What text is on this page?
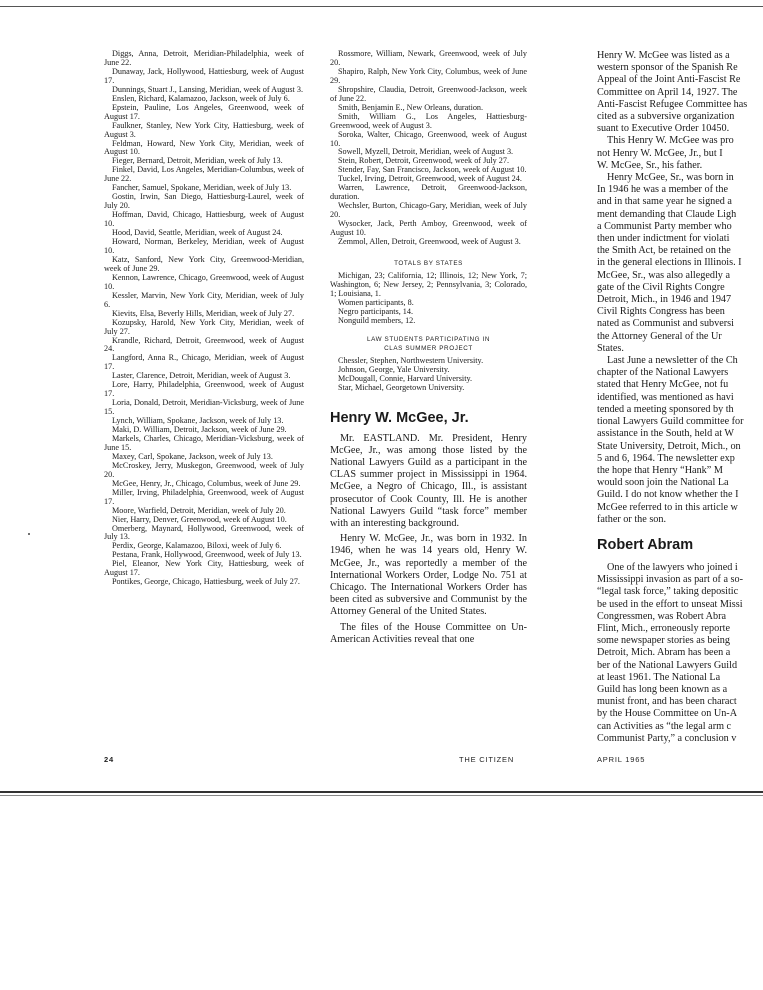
Diggs, Anna, Detroit, Meridian-Philadelphia, week of June 22.
Dunaway, Jack, Hollywood, Hattiesburg, week of August 17.
Dunnings, Stuart J., Lansing, Meridian, week of August 3.
Enslen, Richard, Kalamazoo, Jackson, week of July 6.
Epstein, Pauline, Los Angeles, Greenwood, week of August 17.
Faulkner, Stanley, New York City, Hattiesburg, week of August 3.
Feldman, Howard, New York City, Meridian, week of August 10.
Fieger, Bernard, Detroit, Meridian, week of July 13.
Finkel, David, Los Angeles, Meridian-Columbus, week of June 22.
Fancher, Samuel, Spokane, Meridian, week of July 13.
Gostin, Irwin, San Diego, Hattiesburg-Laurel, week of July 20.
Hoffman, David, Chicago, Hattiesburg, week of August 10.
Hood, David, Seattle, Meridian, week of August 24.
Howard, Norman, Berkeley, Meridian, week of August 10.
Katz, Sanford, New York City, Greenwood-Meridian, week of June 29.
Kennon, Lawrence, Chicago, Greenwood, week of August 10.
Kessler, Marvin, New York City, Meridian, week of July 6.
Kievits, Elsa, Beverly Hills, Meridian, week of July 27.
Kozupsky, Harold, New York City, Meridian, week of July 27.
Krandle, Richard, Detroit, Greenwood, week of August 24.
Langford, Anna R., Chicago, Meridian, week of August 17.
Laster, Clarence, Detroit, Meridian, week of August 3.
Lore, Harry, Philadelphia, Greenwood, week of August 17.
Loria, Donald, Detroit, Meridian-Vicksburg, week of June 15.
Lynch, William, Spokane, Jackson, week of July 13.
Maki, D. William, Detroit, Jackson, week of June 29.
Markels, Charles, Chicago, Meridian-Vicksburg, week of June 15.
Maxey, Carl, Spokane, Jackson, week of July 13.
McCroskey, Jerry, Muskegon, Greenwood, week of July 20.
McGee, Henry, Jr., Chicago, Columbus, week of June 29.
Miller, Irving, Philadelphia, Greenwood, week of August 17.
Moore, Warfield, Detroit, Meridian, week of July 20.
Nier, Harry, Denver, Greenwood, week of August 10.
Omerberg, Maynard, Hollywood, Greenwood, week of July 13.
Perdix, George, Kalamazoo, Biloxi, week of July 6.
Pestana, Frank, Hollywood, Greenwood, week of July 13.
Piel, Eleanor, New York City, Hattiesburg, week of August 17.
Pontikes, George, Chicago, Hattiesburg, week of July 27.
Rossmore, William, Newark, Greenwood, week of July 20.
Shapiro, Ralph, New York City, Columbus, week of June 29.
Shropshire, Claudia, Detroit, Greenwood-Jackson, week of June 22.
Smith, Benjamin E., New Orleans, duration.
Smith, William G., Los Angeles, Hattiesburg-Greenwood, week of August 3.
Soroka, Walter, Chicago, Greenwood, week of August 10.
Sowell, Myzell, Detroit, Meridian, week of August 3.
Stein, Robert, Detroit, Greenwood, week of July 27.
Stender, Fay, San Francisco, Jackson, week of August 10.
Tuckel, Irving, Detroit, Greenwood, week of August 24.
Warren, Lawrence, Detroit, Greenwood-Jackson, duration.
Wechsler, Burton, Chicago-Gary, Meridian, week of July 20.
Wysocker, Jack, Perth Amboy, Greenwood, week of August 10.
Zemmol, Allen, Detroit, Greenwood, week of August 3.
TOTALS BY STATES
Michigan, 23; California, 12; Illinois, 12; New York, 7; Washington, 6; New Jersey, 2; Pennsylvania, 3; Colorado, 1; Louisiana, 1.
Women participants, 8.
Negro participants, 14.
Nonguild members, 12.
LAW STUDENTS PARTICIPATING IN
CLAS SUMMER PROJECT
Chessler, Stephen, Northwestern University.
Johnson, George, Yale University.
McDougall, Connie, Harvard University.
Star, Michael, Georgetown University.
Henry W. McGee, Jr.

Mr. EASTLAND. Mr. President, Henry McGee, Jr., was among those listed by the National Lawyers Guild as a participant in the CLAS summer project in Mississippi in 1964. McGee, a Negro of Chicago, Ill., is assistant prosecutor of Cook County, Ill. He is another National Lawyers Guild “task force” member with an interesting background.

Henry W. McGee, Jr., was born in 1932. In 1946, when he was 14 years old, Henry W. McGee, Jr., was reportedly a member of the International Workers Order, Lodge No. 751 at Chicago. The International Workers Order has been cited as subversive and Communist by the Attorney General of the United States.

The files of the House Committee on Un-American Activities reveal that one

Henry W. McGee was listed as a
western sponsor of the Spanish Re
Appeal of the Joint Anti-Fascist Re
Committee on April 14, 1927. The
Anti-Fascist Refugee Committee has
cited as a subversive organization
suant to Executive Order 10450.
This Henry W. McGee was pro
not Henry W. McGee, Jr., but I
W. McGee, Sr., his father.
Henry McGee, Sr., was born in
In 1946 he was a member of the
and in that same year he signed a
ment demanding that Claude Ligh
a Communist Party member who
then under indictment for violati
the Smith Act, be retained on the
in the general elections in Illinois. I
McGee, Sr., was also allegedly a
gate of the Civil Rights Congre
Detroit, Mich., in 1946 and 1947
Civil Rights Congress has been
nated as Communist and subversi
the Attorney General of the Ur
States.
Last June a newsletter of the Ch
chapter of the National Lawyers
stated that Henry McGee, not fu
identified, was mentioned as havi
tended a meeting sponsored by th
tional Lawyers Guild committee for
assistance in the South, held at W
State University, Detroit, Mich., on
5 and 6, 1964. The newsletter exp
the hope that Henry “Hank” M
would soon join the National La
Guild. I do not know whether the I
McGee referred to in this article w
father or the son.
Robert Abram
One of the lawyers who joined i
Mississippi invasion as part of a so-
“legal task force,” taking depositic
be used in the effort to unseat Missi
Congressmen, was Robert Abra
Flint, Mich., erroneously reporte
some newspaper stories as being
Detroit, Mich. Abram has been a
ber of the National Lawyers Guild
at least 1961. The National La
Guild has long been known as a
munist front, and has been charact
by the House Committee on Un-A
can Activities as “the legal arm c
Communist Party,” a conclusion v
24	THE CITIZEN	APRIL 1965
